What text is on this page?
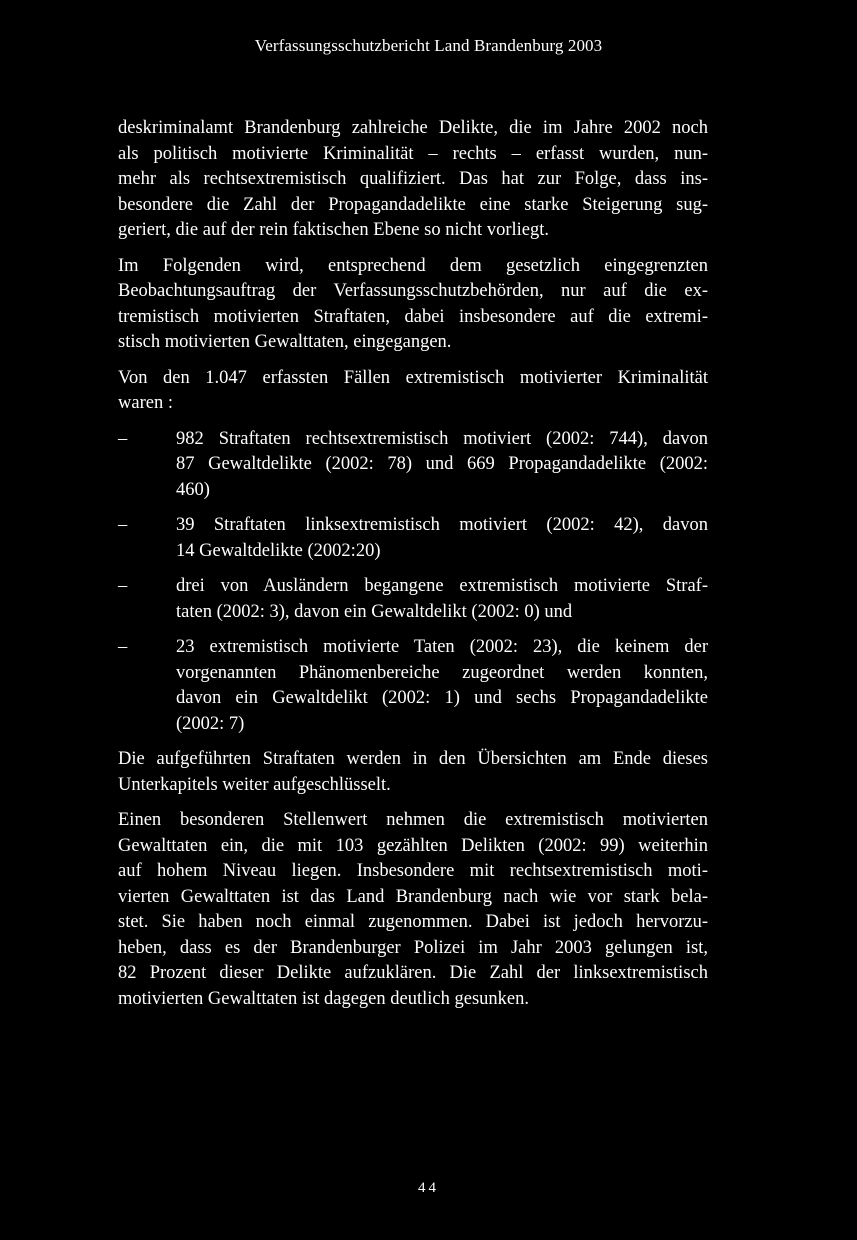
Verfassungsschutzbericht Land Brandenburg 2003
deskriminalamt Brandenburg zahlreiche Delikte, die im Jahre 2002 noch
als politisch motivierte Kriminalität – rechts – erfasst wurden, nun-
mehr als rechtsextremistisch qualifiziert. Das hat zur Folge, dass ins-
besondere die Zahl der Propagandadelikte eine starke Steigerung sug-
geriert, die auf der rein faktischen Ebene so nicht vorliegt.
Im Folgenden wird, entsprechend dem gesetzlich eingegrenzten
Beobachtungsauftrag der Verfassungsschutzbehörden, nur auf die ex-
tremistisch motivierten Straftaten, dabei insbesondere auf die extremi-
stisch motivierten Gewalttaten, eingegangen.
Von den 1.047 erfassten Fällen extremistisch motivierter Kriminalität
waren :
–	982 Straftaten rechtsextremistisch motiviert (2002: 744), davon
87 Gewaltdelikte (2002: 78) und 669 Propagandadelikte (2002:
460)
–	39 Straftaten linksextremistisch motiviert (2002: 42), davon
14 Gewaltdelikte (2002:20)
–	drei von Ausländern begangene extremistisch motivierte Straf-
taten (2002: 3), davon ein Gewaltdelikt (2002: 0) und
–	23 extremistisch motivierte Taten (2002: 23), die keinem der
vorgenannten Phänomenbereiche zugeordnet werden konnten,
davon ein Gewaltdelikt (2002: 1) und sechs Propagandadelikte
(2002: 7)
Die aufgeführten Straftaten werden in den Übersichten am Ende dieses
Unterkapitels weiter aufgeschlüsselt.
Einen besonderen Stellenwert nehmen die extremistisch motivierten
Gewalttaten ein, die mit 103 gezählten Delikten (2002: 99) weiterhin
auf hohem Niveau liegen. Insbesondere mit rechtsextremistisch moti-
vierten Gewalttaten ist das Land Brandenburg nach wie vor stark bela-
stet. Sie haben noch einmal zugenommen. Dabei ist jedoch hervorzu-
heben, dass es der Brandenburger Polizei im Jahr 2003 gelungen ist,
82 Prozent dieser Delikte aufzuklären. Die Zahl der linksextremistisch
motivierten Gewalttaten ist dagegen deutlich gesunken.
44
